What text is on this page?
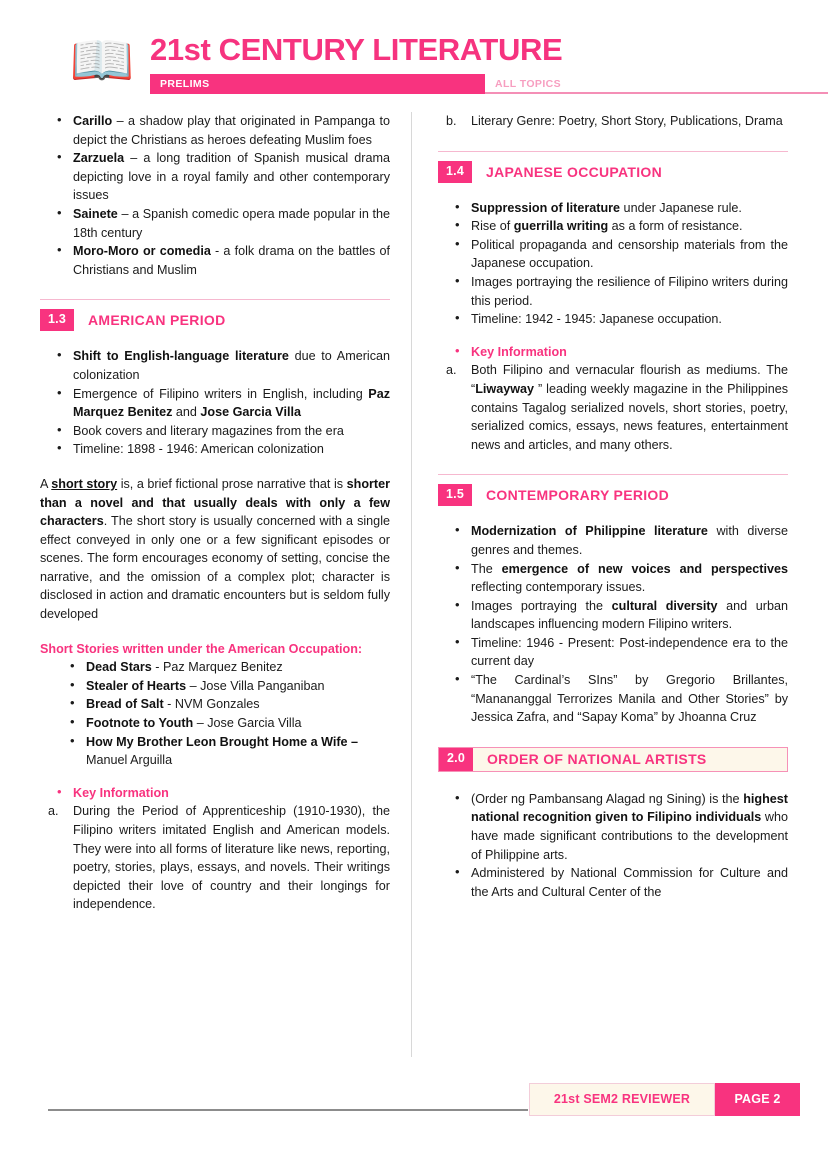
📖 21st CENTURY LITERATURE
PRELIMS	ALL TOPICS
• Carillo – a shadow play that originated in Pampanga to depict the Christians as heroes defeating Muslim foes
• Zarzuela – a long tradition of Spanish musical drama depicting love in a royal family and other contemporary issues
• Sainete – a Spanish comedic opera made popular in the 18th century
• Moro-Moro or comedia - a folk drama on the battles of Christians and Muslim
1.3	AMERICAN PERIOD
• Shift to English-language literature due to American colonization
• Emergence of Filipino writers in English, including Paz Marquez Benitez and Jose Garcia Villa
• Book covers and literary magazines from the era
• Timeline: 1898 - 1946: American colonization

A short story is, a brief fictional prose narrative that is shorter than a novel and that usually deals with only a few characters. The short story is usually concerned with a single effect conveyed in only one or a few significant episodes or scenes. The form encourages economy of setting, concise the narrative, and the omission of a complex plot; character is disclosed in action and dramatic encounters but is seldom fully developed

Short Stories written under the American Occupation:
• Dead Stars - Paz Marquez Benitez
• Stealer of Hearts – Jose Villa Panganiban
• Bread of Salt - NVM Gonzales
• Footnote to Youth – Jose Garcia Villa
• How My Brother Leon Brought Home a Wife – Manuel Arguilla
• Key Information
a. During the Period of Apprenticeship (1910-1930), the Filipino writers imitated English and American models. They were into all forms of literature like news, reporting, poetry, stories, plays, essays, and novels. Their writings depicted their love of country and their longings for independence.
b. Literary Genre: Poetry, Short Story, Publications, Drama
1.4	JAPANESE OCCUPATION
• Suppression of literature under Japanese rule.
• Rise of guerrilla writing as a form of resistance.
• Political propaganda and censorship materials from the Japanese occupation.
• Images portraying the resilience of Filipino writers during this period.
• Timeline: 1942 - 1945: Japanese occupation.
• Key Information
a. Both Filipino and vernacular flourish as mediums. The “Liwayway ” leading weekly magazine in the Philippines contains Tagalog serialized novels, short stories, poetry, serialized comics, essays, news features, entertainment news and articles, and many others.
1.5	CONTEMPORARY PERIOD
• Modernization of Philippine literature with diverse genres and themes.
• The emergence of new voices and perspectives reflecting contemporary issues.
• Images portraying the cultural diversity and urban landscapes influencing modern Filipino writers.
• Timeline: 1946 - Present: Post-independence era to the current day
• “The Cardinal’s SIns” by Gregorio Brillantes, “Manananggal Terrorizes Manila and Other Stories” by Jessica Zafra, and “Sapay Koma” by Jhoanna Cruz
2.0	ORDER OF NATIONAL ARTISTS
• (Order ng Pambansang Alagad ng Sining) is the highest national recognition given to Filipino individuals who have made significant contributions to the development of Philippine arts.
• Administered by National Commission for Culture and the Arts and Cultural Center of the
21st SEM2 REVIEWER	PAGE 2
